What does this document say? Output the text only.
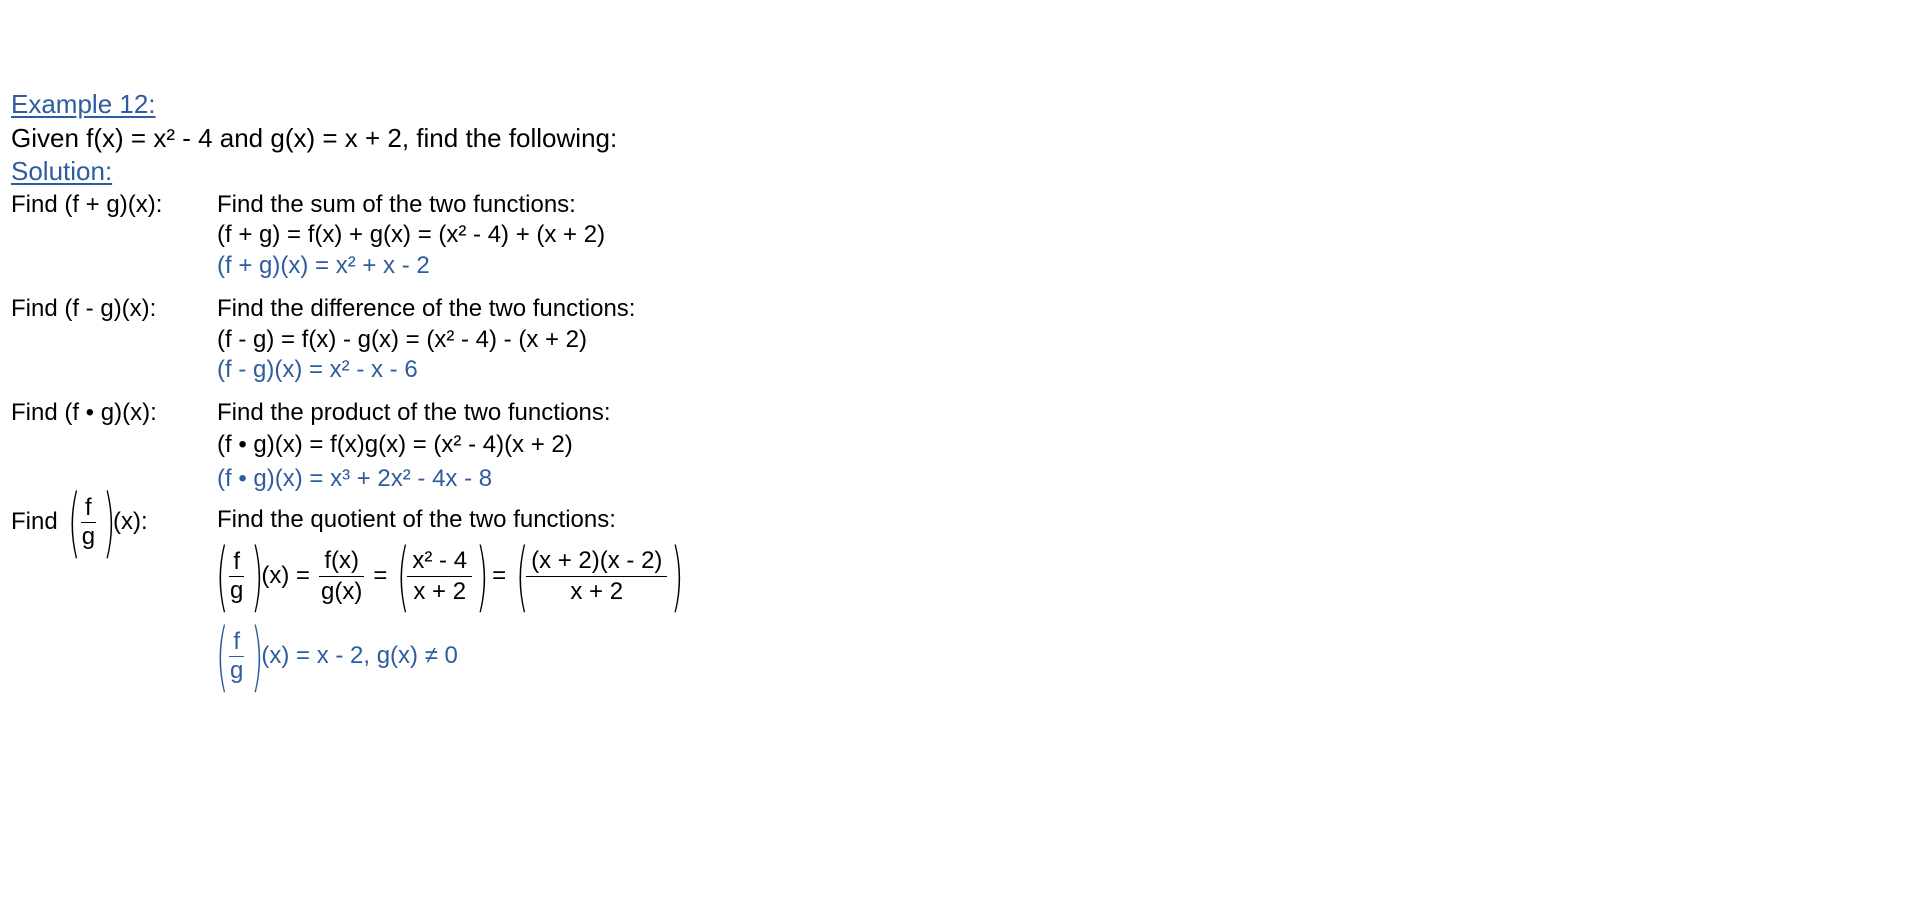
Example 12:
Given f(x) = x² - 4 and g(x) = x + 2, find the following:
Solution:
Find (f + g)(x): Find the sum of the two functions:
(f + g) = f(x) + g(x) = (x² - 4) + (x + 2)
(f + g)(x) = x² + x - 2
Find (f - g)(x):	Find the difference of the two functions:
(f - g) = f(x) - g(x) = (x² - 4) - (x + 2)
(f - g)(x) = x² - x - 6
Find (f • g)(x):	Find the product of the two functions:
(f • g)(x) = f(x)g(x) = (x² - 4)(x + 2)
(f • g)(x) = x³ + 2x² - 4x - 8
Find (
$\frac{f}{g}$ )
(x):	Find the quotient of the two functions:
(
$\frac{f}{g}$ )
$(x) = \frac{f(x)}{g(x)}$ = (
$\frac{\text{x² - 4}}{x + 2}$ ) = (
$\frac{(x + 2)(x - 2)}{x + 2}$ )
(
$\frac{f}{g}$ )
(x) = x - 2, g(x) ≠ 0
